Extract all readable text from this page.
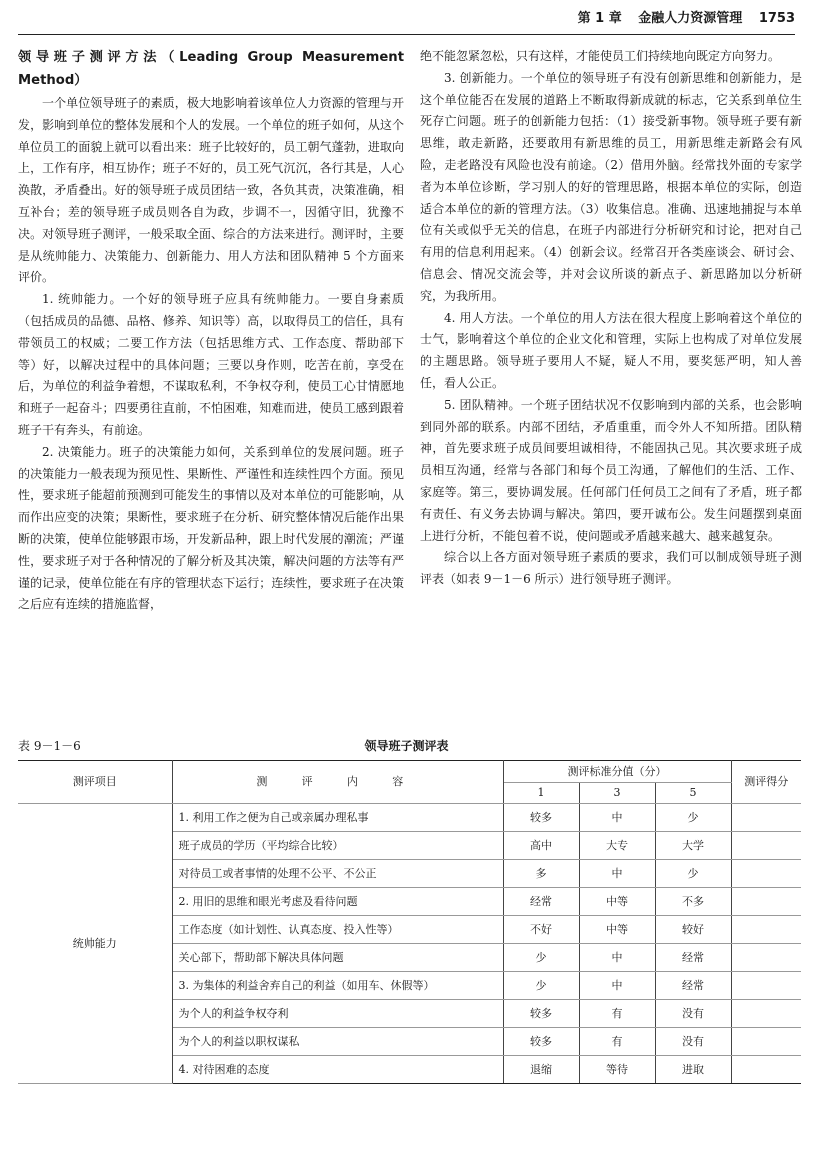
第 1 章 金融人力资源管理 1753
领导班子测评方法（Leading Group Measurement Method）

一个单位领导班子的素质，极大地影响着该单位人力资源的管理与开发，影响到单位的整体发展和个人的发展。一个单位的班子如何，从这个单位员工的面貌上就可以看出来：班子比较好的，员工朝气蓬勃，进取向上，工作有序，相互协作；班子不好的，员工死气沉沉，各行其是，人心涣散，矛盾叠出。好的领导班子成员团结一致，各负其责，决策准确，相互补台；差的领导班子成员则各自为政，步调不一，因循守旧，犹豫不决。对领导班子测评，一般采取全面、综合的方法来进行。测评时，主要是从统帅能力、决策能力、创新能力、用人方法和团队精神 5 个方面来评价。

1. 统帅能力。一个好的领导班子应具有统帅能力。一要自身素质（包括成员的品德、品格、修养、知识等）高，以取得员工的信任，具有带领员工的权威；二要工作方法（包括思维方式、工作态度、帮助部下等）好，以解决过程中的具体问题；三要以身作则，吃苦在前，享受在后，为单位的利益争着想，不谋取私利，不争权夺利，使员工心甘情愿地和班子一起奋斗；四要勇往直前，不怕困难，知难而进，使员工感到跟着班子干有奔头，有前途。

2. 决策能力。班子的决策能力如何，关系到单位的发展问题。班子的决策能力一般表现为预见性、果断性、严谨性和连续性四个方面。预见性，要求班子能超前预测到可能发生的事情以及对本单位的可能影响，从而作出应变的决策；果断性，要求班子在分析、研究整体情况后能作出果断的决策，使单位能够跟市场，开发新品种，跟上时代发展的潮流；严谨性，要求班子对于各种情况的了解分析及其决策，解决问题的方法等有严谨的记录，使单位能在有序的管理状态下运行；连续性，要求班子在决策之后应有连续的措施监督，

绝不能忽紧忽松，只有这样，才能使员工们持续地向既定方向努力。

3. 创新能力。一个单位的领导班子有没有创新思维和创新能力，是这个单位能否在发展的道路上不断取得新成就的标志，它关系到单位生死存亡问题。班子的创新能力包括：（1）接受新事物。领导班子要有新思维，敢走新路，还要敢用有新思维的员工，用新思维走新路会有风险，走老路没有风险也没有前途。（2）借用外脑。经常找外面的专家学者为本单位诊断，学习别人的好的管理思路，根据本单位的实际，创造适合本单位的新的管理方法。（3）收集信息。准确、迅速地捕捉与本单位有关或似乎无关的信息，在班子内部进行分析研究和讨论，把对自己有用的信息利用起来。（4）创新会议。经常召开各类座谈会、研讨会、信息会、情况交流会等，并对会议所谈的新点子、新思路加以分析研究，为我所用。

4. 用人方法。一个单位的用人方法在很大程度上影响着这个单位的士气，影响着这个单位的企业文化和管理，实际上也构成了对单位发展的主题思路。领导班子要用人不疑，疑人不用，要奖惩严明，知人善任，看人公正。

5. 团队精神。一个班子团结状况不仅影响到内部的关系，也会影响到同外部的联系。内部不团结，矛盾重重，而令外人不知所措。团队精神，首先要求班子成员间要坦诚相待，不能固执己见。其次要求班子成员相互沟通，经常与各部门和每个员工沟通，了解他们的生活、工作、家庭等。第三，要协调发展。任何部门任何员工之间有了矛盾，班子都有责任、有义务去协调与解决。第四，要开诚布公。发生问题摆到桌面上进行分析，不能包着不说，使问题或矛盾越来越大、越来越复杂。

综合以上各方面对领导班子素质的要求，我们可以制成领导班子测评表（如表 9－1－6 所示）进行领导班子测评。

表 9－1－6	领导班子测评表
测评项目	测 评 内 容	测评标准分值（分）			测评得分
		1	3	5	
统帅能力	1. 利用工作之便为自己或亲属办理私事	较多	中	少	
	班子成员的学历（平均综合比较）	高中	大专	大学	
	对待员工或者事情的处理不公平、不公正	多	中	少	
	2. 用旧的思维和眼光考虑及看待问题	经常	中等	不多	
	工作态度（如计划性、认真态度、投入性等）	不好	中等	较好	
	关心部下，帮助部下解决具体问题	少	中	经常	
	3. 为集体的利益舍弃自己的利益（如用车、休假等）	少	中	经常	
	为个人的利益争权夺利	较多	有	没有	
	为个人的利益以职权谋私	较多	有	没有	
	4. 对待困难的态度	退缩	等待	进取	
